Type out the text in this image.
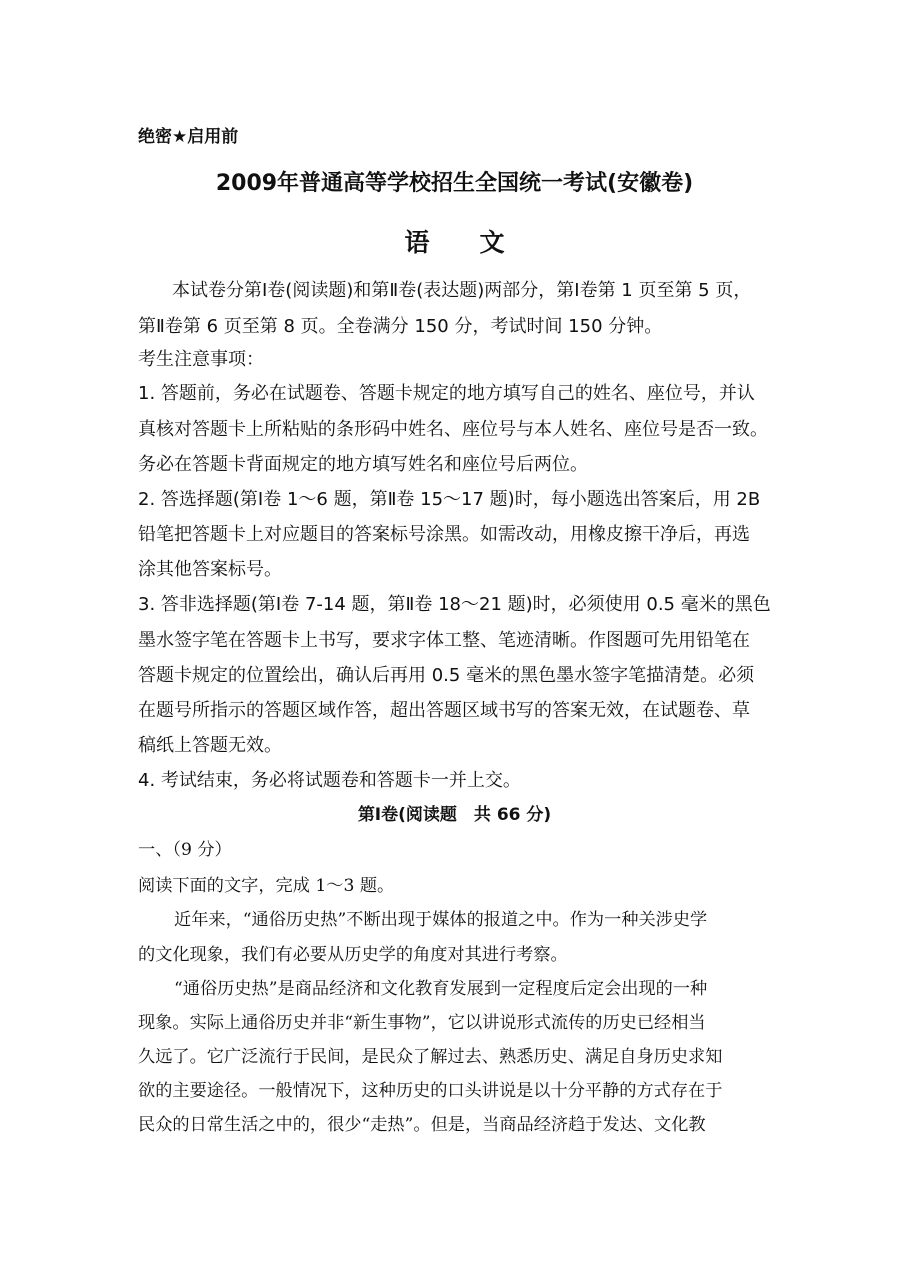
绝密★启用前
2009年普通高等学校招生全国统一考试(安徽卷)
语　　文
本试卷分第Ⅰ卷(阅读题)和第Ⅱ卷(表达题)两部分，第Ⅰ卷第 1 页至第 5 页，
第Ⅱ卷第 6 页至第 8 页。全卷满分 150 分，考试时间 150 分钟。
考生注意事项：
1. 答题前，务必在试题卷、答题卡规定的地方填写自己的姓名、座位号，并认
真核对答题卡上所粘贴的条形码中姓名、座位号与本人姓名、座位号是否一致。
务必在答题卡背面规定的地方填写姓名和座位号后两位。
2. 答选择题(第Ⅰ卷 1～6 题，第Ⅱ卷 15～17 题)时，每小题选出答案后，用 2B
铅笔把答题卡上对应题目的答案标号涂黑。如需改动，用橡皮擦干净后，再选
涂其他答案标号。
3. 答非选择题(第Ⅰ卷 7-14 题，第Ⅱ卷 18～21 题)时，必须使用 0.5 毫米的黑色
墨水签字笔在答题卡上书写，要求字体工整、笔迹清晰。作图题可先用铅笔在
答题卡规定的位置绘出，确认后再用 0.5 毫米的黑色墨水签字笔描清楚。必须
在题号所指示的答题区域作答，超出答题区域书写的答案无效，在试题卷、草
稿纸上答题无效。
4. 考试结束，务必将试题卷和答题卡一并上交。
第Ⅰ卷(阅读题　共 66 分)
一、（9 分）
阅读下面的文字，完成 1～3 题。
近年来，“通俗历史热”不断出现于媒体的报道之中。作为一种关涉史学
的文化现象，我们有必要从历史学的角度对其进行考察。
“通俗历史热”是商品经济和文化教育发展到一定程度后定会出现的一种
现象。实际上通俗历史并非“新生事物”，它以讲说形式流传的历史已经相当
久远了。它广泛流行于民间，是民众了解过去、熟悉历史、满足自身历史求知
欲的主要途径。一般情况下，这种历史的口头讲说是以十分平静的方式存在于
民众的日常生活之中的，很少“走热”。但是，当商品经济趋于发达、文化教
